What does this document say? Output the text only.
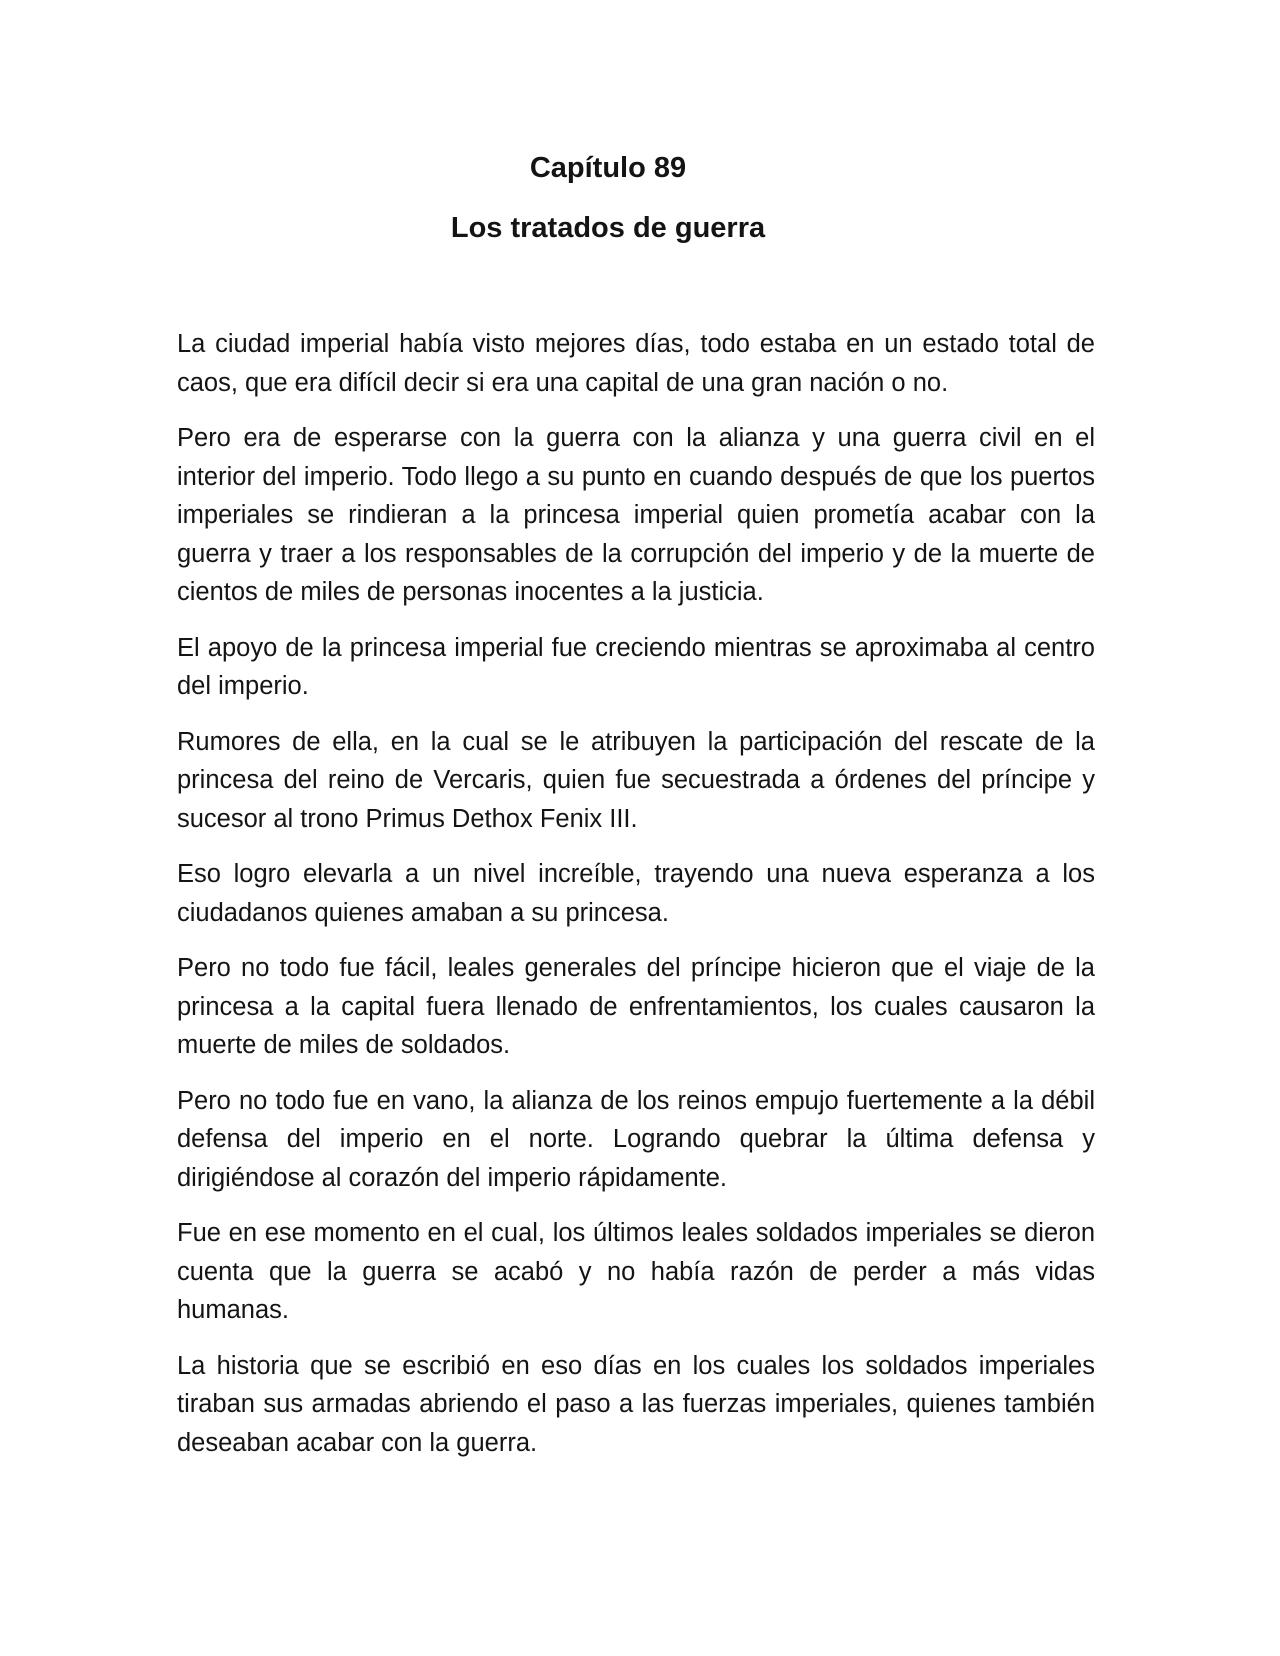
Capítulo 89
Los tratados de guerra

La ciudad imperial había visto mejores días, todo estaba en un estado total de caos, que era difícil decir si era una capital de una gran nación o no.

Pero era de esperarse con la guerra con la alianza y una guerra civil en el interior del imperio. Todo llego a su punto en cuando después de que los puertos imperiales se rindieran a la princesa imperial quien prometía acabar con la guerra y traer a los responsables de la corrupción del imperio y de la muerte de cientos de miles de personas inocentes a la justicia.

El apoyo de la princesa imperial fue creciendo mientras se aproximaba al centro del imperio.

Rumores de ella, en la cual se le atribuyen la participación del rescate de la princesa del reino de Vercaris, quien fue secuestrada a órdenes del príncipe y sucesor al trono Primus Dethox Fenix III.

Eso logro elevarla a un nivel increíble, trayendo una nueva esperanza a los ciudadanos quienes amaban a su princesa.

Pero no todo fue fácil, leales generales del príncipe hicieron que el viaje de la princesa a la capital fuera llenado de enfrentamientos, los cuales causaron la muerte de miles de soldados.

Pero no todo fue en vano, la alianza de los reinos empujo fuertemente a la débil defensa del imperio en el norte. Logrando quebrar la última defensa y dirigiéndose al corazón del imperio rápidamente.

Fue en ese momento en el cual, los últimos leales soldados imperiales se dieron cuenta que la guerra se acabó y no había razón de perder a más vidas humanas.

La historia que se escribió en eso días en los cuales los soldados imperiales tiraban sus armadas abriendo el paso a las fuerzas imperiales, quienes también deseaban acabar con la guerra.
